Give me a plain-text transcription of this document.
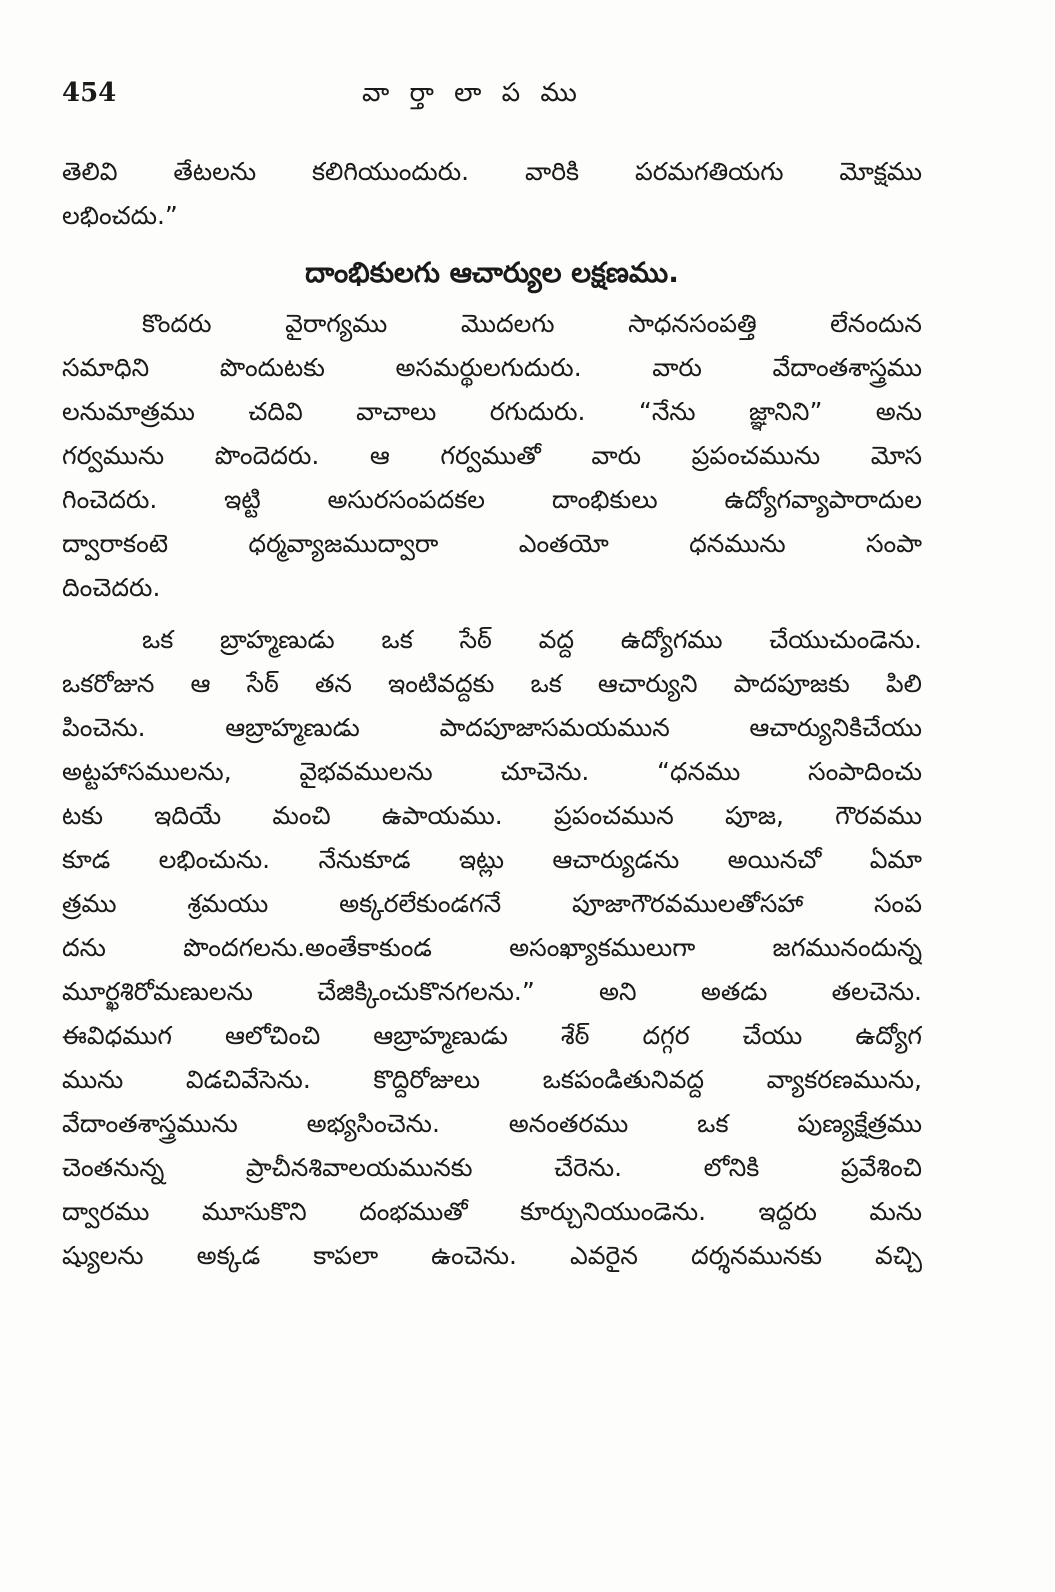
454	వా ర్తా లా ప ము
తెలివి తేటలను కలిగియుందురు. వారికి పరమగతియగు మోక్షము
లభించదు.”
దాంభికులగు ఆచార్యుల లక్షణము.
కొందరు వైరాగ్యము మొదలగు సాధనసంపత్తి లేనందున
సమాధిని పొందుటకు అసమర్థులగుదురు. వారు వేదాంతశాస్త్రము
లనుమాత్రము చదివి వాచాలు రగుదురు. “నేను జ్ఞానిని” అను
గర్వమును పొందెదరు. ఆ గర్వముతో వారు ప్రపంచమును మోస
గించెదరు. ఇట్టి అసురసంపదకల దాంభికులు ఉద్యోగవ్యాపారాదుల
ద్వారాకంటె ధర్మవ్యాజముద్వారా ఎంతయో ధనమును సంపా
దించెదరు.
ఒక బ్రాహ్మణుడు ఒక సేఠ్ వద్ద ఉద్యోగము చేయుచుండెను.
ఒకరోజున ఆ సేఠ్ తన ఇంటివద్దకు ఒక ఆచార్యుని పాదపూజకు పిలి
పించెను. ఆబ్రాహ్మణుడు పాదపూజాసమయమున ఆచార్యునికిచేయు
అట్టహాసములను, వైభవములను చూచెను. “ధనము సంపాదించు
టకు ఇదియే మంచి ఉపాయము. ప్రపంచమున పూజ, గౌరవము
కూడ లభించును. నేనుకూడ ఇట్లు ఆచార్యుడను అయినచో ఏమా
త్రము శ్రమయు అక్కరలేకుండగనే పూజాగౌరవములతోసహా సంప
దను పొందగలను.అంతేకాకుండ అసంఖ్యాకములుగా జగమునందున్న
మూర్ఖశిరోమణులను చేజిక్కించుకొనగలను.” అని అతడు తలచెను.
ఈవిధముగ ఆలోచించి ఆబ్రాహ్మణుడు శేఠ్ దగ్గర చేయు ఉద్యోగ
మును విడచివేసెను. కొద్దిరోజులు ఒకపండితునివద్ద వ్యాకరణమును,
వేదాంతశాస్త్రమును అభ్యసించెను. అనంతరము ఒక పుణ్యక్షేత్రము
చెంతనున్న ప్రాచీనశివాలయమునకు చేరెను. లోనికి ప్రవేశించి
ద్వారము మూసుకొని దంభముతో కూర్చునియుండెను. ఇద్దరు మను
ష్యులను అక్కడ కాపలా ఉంచెను. ఎవరైన దర్శనమునకు వచ్చి
